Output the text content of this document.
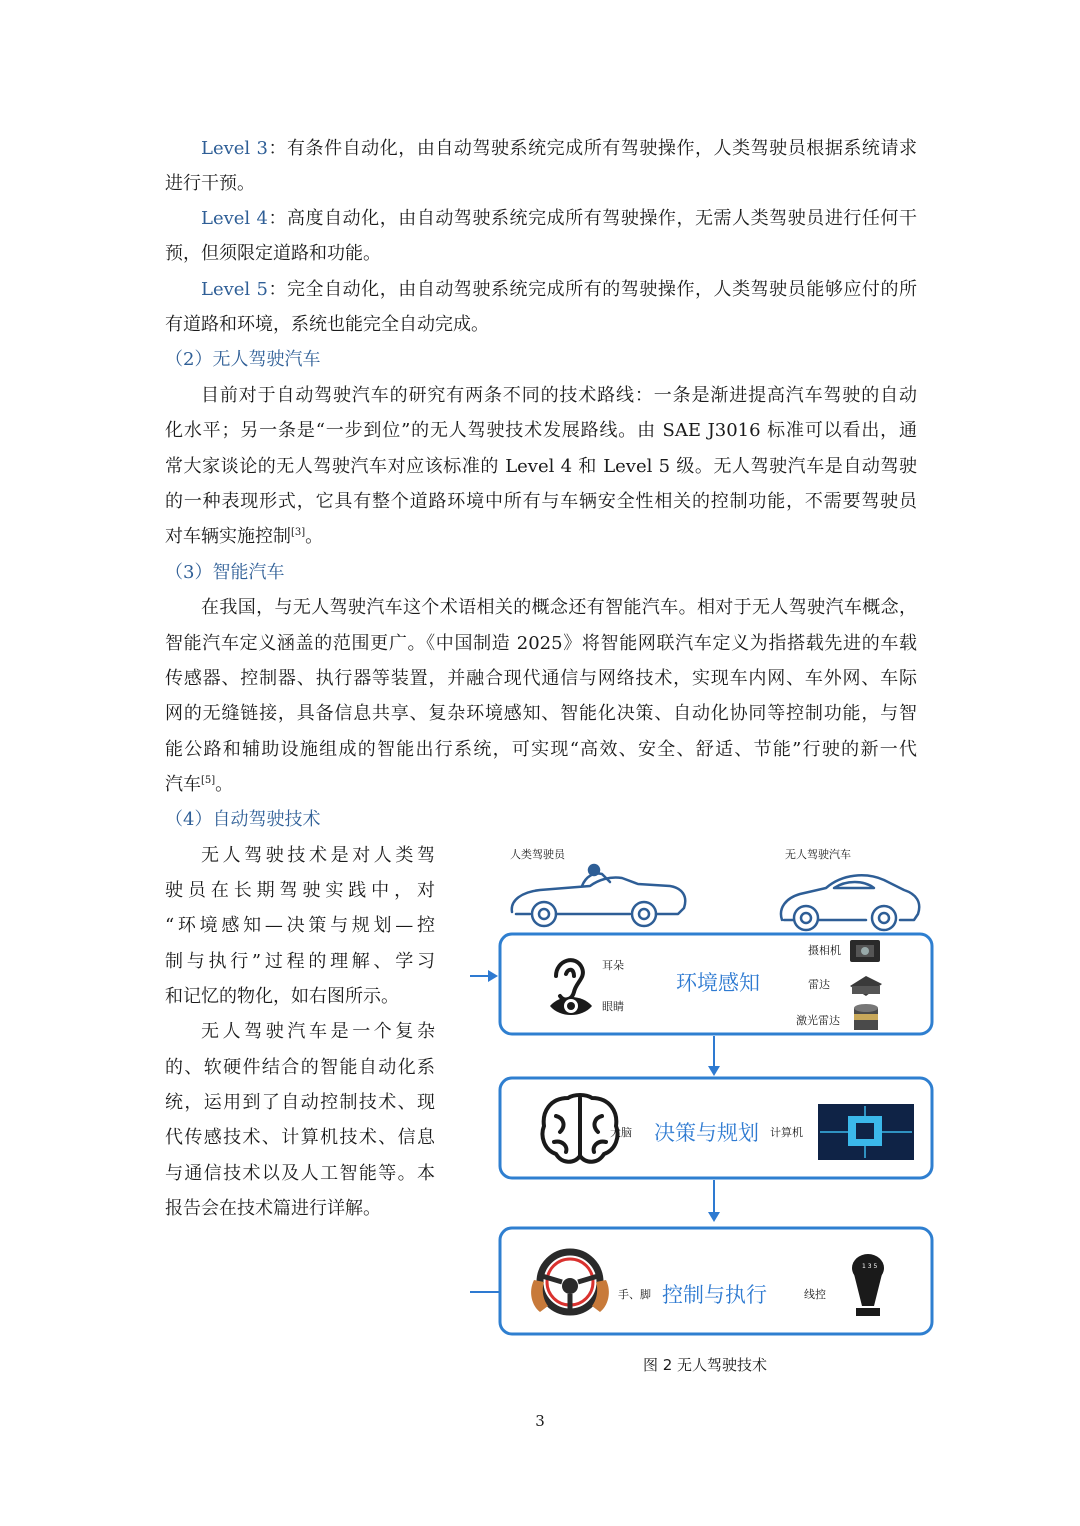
Level 3：有条件自动化，由自动驾驶系统完成所有驾驶操作，人类驾驶员根据系统请求
进行干预。
Level 4：高度自动化，由自动驾驶系统完成所有驾驶操作，无需人类驾驶员进行任何干
预，但须限定道路和功能。
Level 5：完全自动化，由自动驾驶系统完成所有的驾驶操作，人类驾驶员能够应付的所
有道路和环境，系统也能完全自动完成。
（2）无人驾驶汽车
目前对于自动驾驶汽车的研究有两条不同的技术路线：一条是渐进提高汽车驾驶的自动
化水平；另一条是“一步到位”的无人驾驶技术发展路线。由 SAE J3016 标准可以看出，通
常大家谈论的无人驾驶汽车对应该标准的 Level 4 和 Level 5 级。无人驾驶汽车是自动驾驶
的一种表现形式，它具有整个道路环境中所有与车辆安全性相关的控制功能，不需要驾驶员
对车辆实施控制[3]。
（3）智能汽车
在我国，与无人驾驶汽车这个术语相关的概念还有智能汽车。相对于无人驾驶汽车概念，
智能汽车定义涵盖的范围更广。《中国制造 2025》将智能网联汽车定义为指搭载先进的车载
传感器、控制器、执行器等装置，并融合现代通信与网络技术，实现车内网、车外网、车际
网的无缝链接，具备信息共享、复杂环境感知、智能化决策、自动化协同等控制功能，与智
能公路和辅助设施组成的智能出行系统，可实现“高效、安全、舒适、节能”行驶的新一代
汽车[5]。
（4）自动驾驶技术
无人驾驶技术是对人类驾
驶员在长期驾驶实践中，对
“环境感知—决策与规划—控
制与执行”过程的理解、学习
和记忆的物化，如右图所示。
无人驾驶汽车是一个复杂
的、软硬件结合的智能自动化系
统，运用到了自动控制技术、现
代传感技术、计算机技术、信息
与通信技术以及人工智能等。本
报告会在技术篇进行详解。
人类驾驶员	无人驾驶汽车
耳朵
眼睛
环境感知
摄相机
雷达
激光雷达
大脑 决策与规划 计算机
手、脚 控制与执行	线控
1 3 5
图 2 无人驾驶技术
3
